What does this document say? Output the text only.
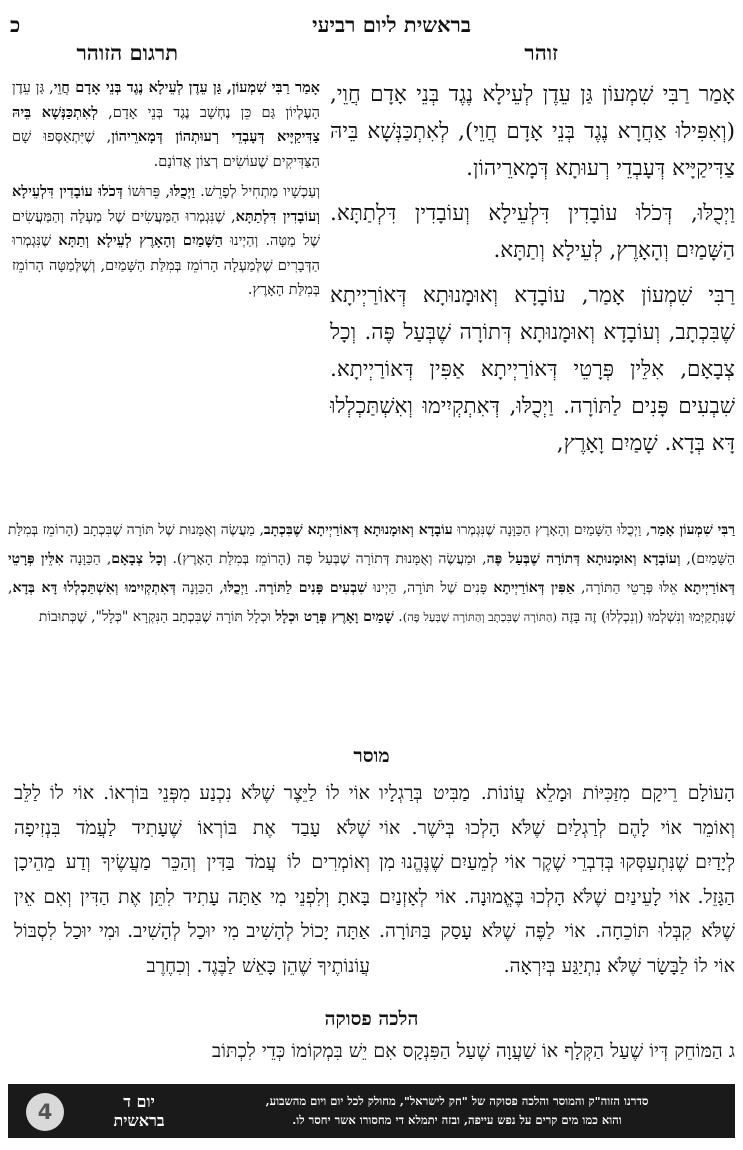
כ	בראשית ליום רביעי
זוהר
תרגום הזוהר

אָמַר רַבִּי שִׁמְעוֹן גַּן עֵדֶן לְעֵילָא נֶגֶד בְּנֵי אָדָם חֲוֵי, (וְאִפִּילוּ אַחֲרָא נֶגֶד בְּנֵי אָדָם חֲוֵי), לְאִתְכַּנְּשָׁא בֵּיהּ צַדִּיקַיָּיא דְּעָבְדֵי רְעוּתָא דְּמָארֵיהוֹן.

וַיְכֻלּוּ, דְּכֹלוּ עוֹבָדִין דִּלְעֵילָא וְעוֹבָדִין דִּלְתַתָּא. הַשָּׁמַיִם וְהָאָרֶץ, לְעֵילָא וְתַתָּא.

רַבִּי שִׁמְעוֹן אָמַר, עוֹבָדָא וְאוּמָנוּתָא דְּאוֹרַיְיתָא שֶׁבִּכְתָב, וְעוֹבָדָא וְאוּמָנוּתָא דְּתוֹרָה שֶׁבְּעַל פֶּה. וְכָל צְבָאָם, אִלֵּין פְּרָטֵי דְּאוֹרַיְיתָא אַפִּין דְּאוֹרַיְיתָא. שִׁבְעִים פָּנִים לַתּוֹרָה. וַיְכֻלּוּ, דְּאִתְקְיִימוּ וְאִשְׁתַּכְלְלוּ דָּא בְּדָא. שָׁמַיִם וָאָרֶץ,

אָמַר רַבִּי שִׁמְעוֹן, גַּן עֵדֶן לְעֵילָא נֶגֶד בְּנֵי אָדָם חֲוֵי, גַּן עֵדֶן הָעֶלְיוֹן גַּם כֵּן נֶחְשָׁב נֶגֶד בְּנֵי אָדָם, לְאִתְכַּנְּשָׁא בֵּיהּ צַדִּיקַיָּיא דְּעָבְדֵי רְעוּתְהוֹן דְּמָארֵיהוֹן, שֶׁיִּתְאַסְּפוּ שָׁם הַצַּדִּיקִים שֶׁעוֹשִׂים רְצוֹן אֲדוֹנָם.

וְעַכְשָׁיו מַתְחִיל לְפָרֵשׁ. וַיְכֻלּוּ, פֵּרוּשׁוֹ דְּכֹלוּ עוֹבָדִין דִּלְעֵילָא וְעוֹבָדִין דִּלְתַתָּא, שֶׁנִּגְמְרוּ הַמַּעֲשִׂים שֶׁל מַעְלָה וְהַמַּעֲשִׂים שֶׁל מַטָּה. וְהַיְינוּ הַשָּׁמַיִם וְהָאָרֶץ לְעֵילָא וְתַתָּא שֶׁנִּגְמְרוּ הַדְּבָרִים שֶׁלְּמַעְלָה הָרוֹמֵז בְּמִלַּת הַשָּׁמַיִם, וְשֶׁלְּמַטָּה הָרוֹמֵז בְּמִלַּת הָאָרֶץ.

רַבִּי שִׁמְעוֹן אָמַר, וַיְכֻלּוּ הַשָּׁמַיִם וְהָאָרֶץ הַכַּוָּנָה שֶׁנִּגְמְרוּ עוֹבָדָא וְאוּמָנוּתָא דְּאוֹרַיְיתָא שֶׁבִּכְתָב, מַעֲשֶׂה וְאֻמָּנוּת שֶׁל תּוֹרָה שֶׁבִּכְתָב (הָרוֹמֵז בְּמִלַּת הַשָּׁמַיִם), וְעוֹבָדָא וְאוּמָנוּתָא דְּתוֹרָה שֶׁבְּעַל פֶּה, וּמַעֲשֶׂה וְאֻמָּנוּת דְּתוֹרָה שֶׁבְּעַל פֶּה (הָרוֹמֵז בְּמִלַּת הָאָרֶץ). וְכָל צְבָאָם, הַכַּוָּנָה אִלֵּין פְּרָטֵי דְּאוֹרַיְיתָא אֵלּוּ פְּרָטֵי הַתּוֹרָה, אַפִּין דְּאוֹרַיְיתָא פָּנִים שֶׁל תּוֹרָה, הַיְינוּ שִׁבְעִים פָּנִים לַתּוֹרָה. וַיְכֻלּוּ, הַכַּוָּנָה דְּאִתְקְיִימוּ וְאִשְׁתַּכְלְלוּ דָּא בְּדָא, שֶׁנִּתְקַיְּמוּ וְנִשְׁלְמוּ (וְנִכְלְלוּ) זֶה בָּזֶה (הַתּוֹרָה שֶׁבִּכְתָב וְהַתּוֹרָה שֶׁבְּעַל פֶּה). שָׁמַיִם וָאָרֶץ פְּרָט וּכְלָל וּכְלָל תּוֹרָה שֶׁבִּכְתָב הַנִּקְרָא "כְּלָל", שֶׁכְּתוּבוֹת
מוסר
הָעוֹלָם רֵיקָם מִזַּכִּיּוֹת וּמָלֵא עֲוֹנוֹת. מַבִּיט בְּרַגְלָיו וְאוֹמֵר אוֹי לָהֶם לְרַגְלַיִם שֶׁלֹּא הָלְכוּ בְּיֹשֶׁר. אוֹי לְיָדַיִם שֶׁנִּתְעַסְּקוּ בְּדִבְרֵי שֶׁקֶר אוֹי לְמֵעַיִם שֶׁנֶּהֱנוּ מִן הַגָּזֵל. אוֹי לָעֵינַיִם שֶׁלֹּא הָלְכוּ בֶּאֱמוּנָה. אוֹי לְאָזְנַיִם שֶׁלֹּא קִבְּלוּ תּוֹכֵחָה. אוֹי לַפֶּה שֶׁלֹּא עָסַק בַּתּוֹרָה. אוֹי לוֹ לַבָּשָׂר שֶׁלֹּא נִתְיַגַּע בְּיִרְאָה.
אוֹי לוֹ לַיֵּצֶר שֶׁלֹּא נִכְנַע מִפְּנֵי בּוֹרְאוֹ. אוֹי לוֹ לַלֵּב שֶׁלֹּא עָבַד אֶת בּוֹרְאוֹ שֶׁעָתִיד לַעֲמֹד בִּנְזִיפָה וְאוֹמְרִים לוֹ עֲמֹד בַּדִּין וְהַכֵּר מַעֲשֶׂיךָ וְדַע מֵהֵיכָן בָּאתָ וְלִפְנֵי מִי אַתָּה עָתִיד לִתֵּן אֶת הַדִּין וְאִם אֵין אַתָּה יָכוֹל לְהָשִׁיב מִי יוּכַל לְהָשִׁיב. וּמִי יוּכַל לִסְבּוֹל עֲוֹנוֹתֶיךָ שֶׁהֵן כָּאֵשׁ לַבֶּגֶד. וְכִחֶרֶב
הלכה פסוקה
ג הַמּוֹחֵק דְּיוֹ שֶׁעַל הַקְּלָף אוֹ שַׁעֲוָה שֶׁעַל הַפִּנְקָס אִם יֵשׁ בִּמְקוֹמוֹ כְּדֵי לִכְתּוֹב
סדרנו הזוה"ק והמוסר והלכה פסוקה של "חק לישראל", מחולק לכל יום ויום מהשבוע,
והוא כמו מים קרים על נפש עייפה, ובזה יתמלא די מחסורו אשר יחסר לו.
יום ד
בראשית
4
